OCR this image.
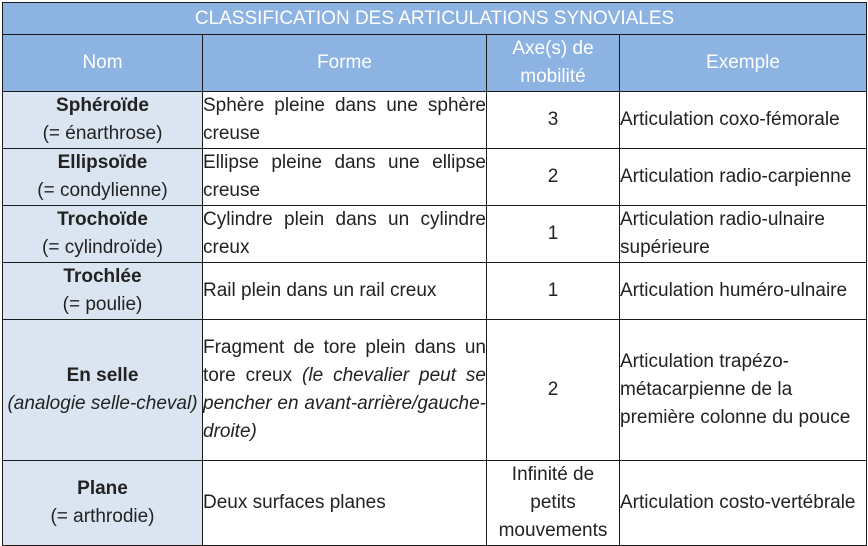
CLASSIFICATION DES ARTICULATIONS SYNOVIALES			
Nom	Forme	Axe(s) de mobilité	Exemple

Sphéroïde
(= énarthrose)	Sphère pleine dans une sphère creuse	3	Articulation coxo-fémorale

Ellipsoïde
(= condylienne)	Ellipse pleine dans une ellipse creuse	2	Articulation radio-carpienne

Trochoïde
(= cylindroïde)	Cylindre plein dans un cylindre creux	1	Articulation radio-ulnaire supérieure

Trochlée
(= poulie)	Rail plein dans un rail creux	1	Articulation huméro-ulnaire

En selle
(analogie selle-cheval)	Fragment de tore plein dans un tore creux (le chevalier peut se pencher en avant-arrière/gauche-droite)	2	Articulation trapézo-métacarpienne de la première colonne du pouce

Plane
(= arthrodie)	Deux surfaces planes	Infinité de petits mouvements	Articulation costo-vertébrale
